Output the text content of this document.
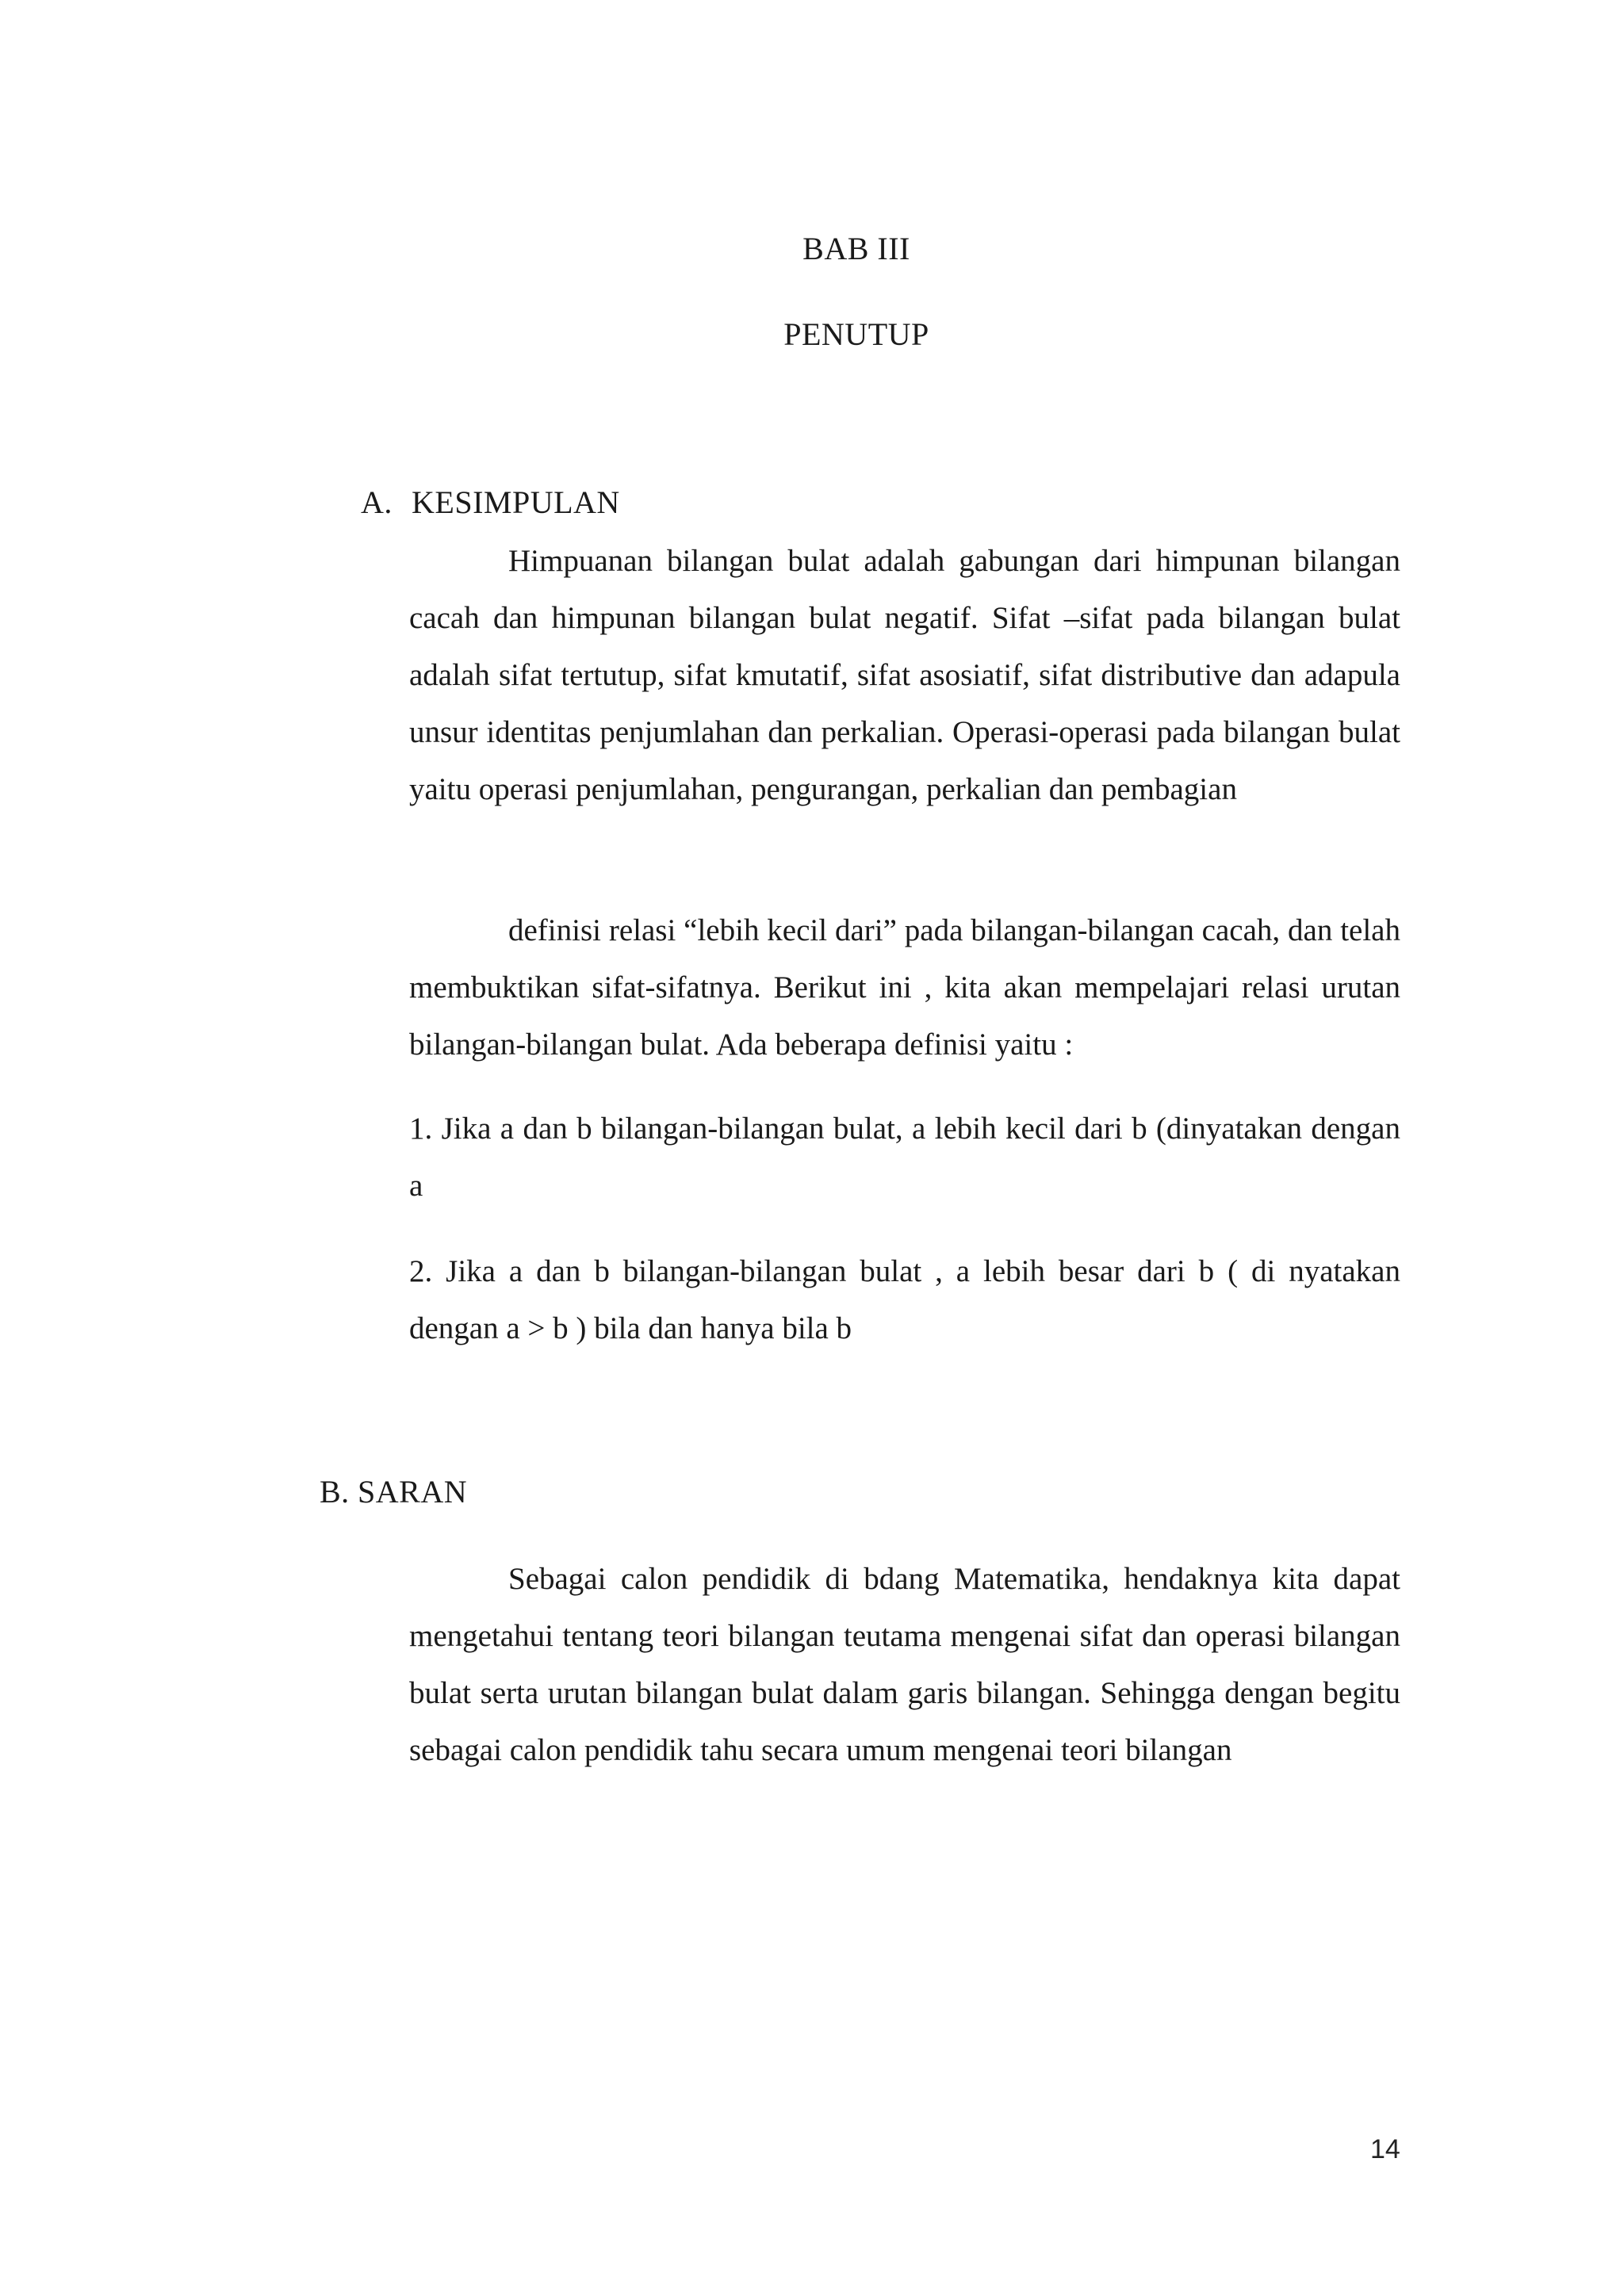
BAB III
PENUTUP
A. KESIMPULAN

Himpuanan bilangan bulat adalah gabungan dari himpunan bilangan cacah dan himpunan bilangan bulat negatif. Sifat –sifat pada bilangan bulat adalah sifat tertutup, sifat kmutatif, sifat asosiatif, sifat distributive dan adapula unsur identitas penjumlahan dan perkalian. Operasi-operasi pada bilangan bulat yaitu operasi penjumlahan, pengurangan, perkalian dan pembagian

definisi relasi “lebih kecil dari” pada bilangan-bilangan cacah, dan telah membuktikan sifat-sifatnya. Berikut ini , kita akan mempelajari relasi urutan bilangan-bilangan bulat. Ada beberapa definisi yaitu :

1. Jika a dan b bilangan-bilangan bulat, a lebih kecil dari b (dinyatakan dengan a

2. Jika a dan b bilangan-bilangan bulat , a lebih besar dari b ( di nyatakan dengan a > b ) bila dan hanya bila b

B. SARAN

Sebagai calon pendidik di bdang Matematika, hendaknya kita dapat mengetahui tentang teori bilangan teutama mengenai sifat dan operasi bilangan bulat serta urutan bilangan bulat dalam garis bilangan. Sehingga dengan begitu sebagai calon pendidik tahu secara umum mengenai teori bilangan

14
